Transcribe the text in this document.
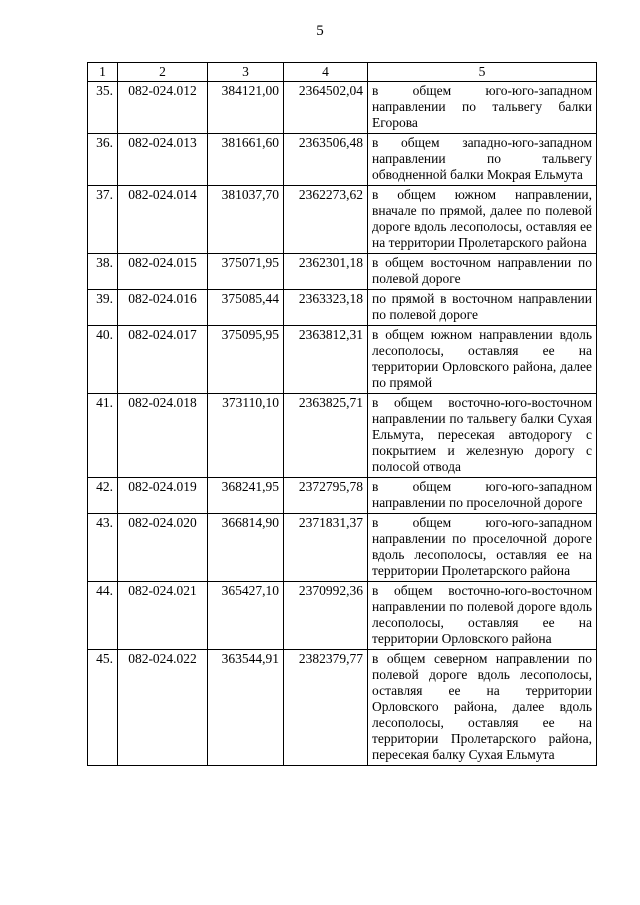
5
1	2	3	4	5
35.	082-024.012	384121,00	2364502,04	в общем юго-юго-западном направлении по тальвегу балки Егорова
36.	082-024.013	381661,60	2363506,48	в общем западно-юго-западном направлении по тальвегу обводненной балки Мокрая Ельмута
37.	082-024.014	381037,70	2362273,62	в общем южном направлении, вначале по прямой, далее по полевой дороге вдоль лесополосы, оставляя ее на территории Пролетарского района
38.	082-024.015	375071,95	2362301,18	в общем восточном направлении по полевой дороге
39.	082-024.016	375085,44	2363323,18	по прямой в восточном направлении по полевой дороге
40.	082-024.017	375095,95	2363812,31	в общем южном направлении вдоль лесополосы, оставляя ее на территории Орловского района, далее по прямой
41.	082-024.018	373110,10	2363825,71	в общем восточно-юго-восточном направлении по тальвегу балки Сухая Ельмута, пересекая автодорогу с покрытием и железную дорогу с полосой отвода
42.	082-024.019	368241,95	2372795,78	в общем юго-юго-западном направлении по проселочной дороге
43.	082-024.020	366814,90	2371831,37	в общем юго-юго-западном направлении по проселочной дороге вдоль лесополосы, оставляя ее на территории Пролетарского района
44.	082-024.021	365427,10	2370992,36	в общем восточно-юго-восточном направлении по полевой дороге вдоль лесополосы, оставляя ее на территории Орловского района
45.	082-024.022	363544,91	2382379,77	в общем северном направлении по полевой дороге вдоль лесополосы, оставляя ее на территории Орловского района, далее вдоль лесополосы, оставляя ее на территории Пролетарского района, пересекая балку Сухая Ельмута
